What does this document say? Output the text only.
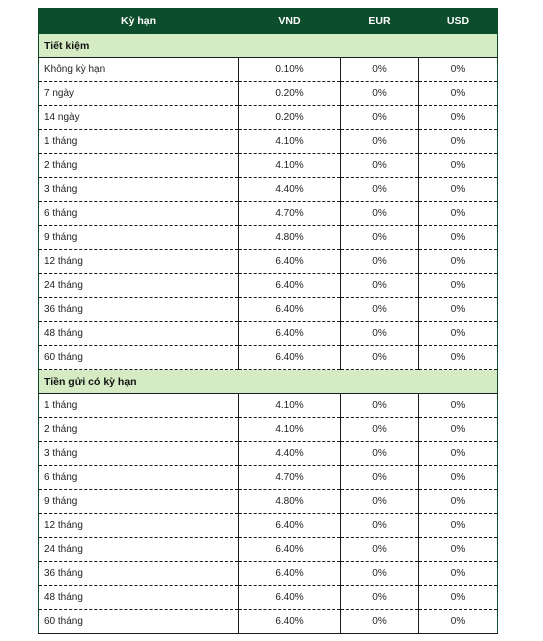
Kỳ hạn	VND	EUR	USD
Tiết kiệm			
Không kỳ hạn	0.10%	0%	0%
7 ngày	0.20%	0%	0%
14 ngày	0.20%	0%	0%
1 tháng	4.10%	0%	0%
2 tháng	4.10%	0%	0%
3 tháng	4.40%	0%	0%
6 tháng	4.70%	0%	0%
9 tháng	4.80%	0%	0%
12 tháng	6.40%	0%	0%
24 tháng	6.40%	0%	0%
36 tháng	6.40%	0%	0%
48 tháng	6.40%	0%	0%
60 tháng	6.40%	0%	0%
Tiền gửi có kỳ hạn			
1 tháng	4.10%	0%	0%
2 tháng	4.10%	0%	0%
3 tháng	4.40%	0%	0%
6 tháng	4.70%	0%	0%
9 tháng	4.80%	0%	0%
12 tháng	6.40%	0%	0%
24 tháng	6.40%	0%	0%
36 tháng	6.40%	0%	0%
48 tháng	6.40%	0%	0%
60 tháng	6.40%	0%	0%
